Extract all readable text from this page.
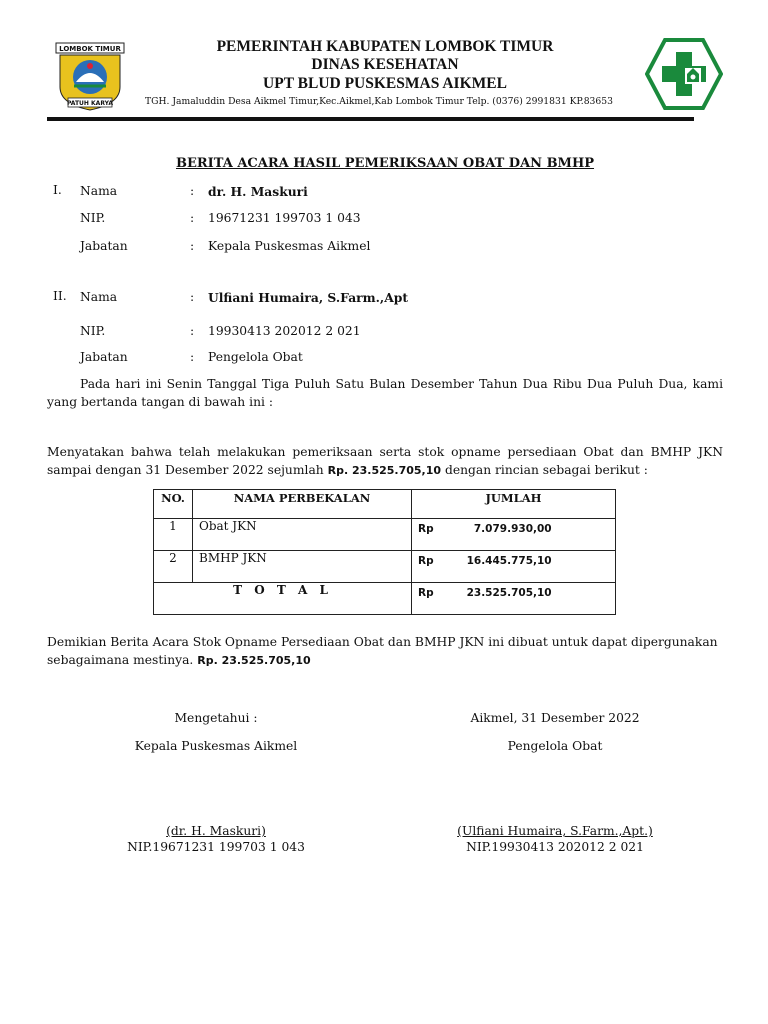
LOMBOK TIMUR
PATUH KARYA
PEMERINTAH KABUPATEN LOMBOK TIMUR
DINAS KESEHATAN
UPT BLUD PUSKESMAS AIKMEL
TGH. Jamaluddin Desa Aikmel Timur,Kec.Aikmel,Kab Lombok Timur Telp. (0376) 2991831 KP.83653
BERITA ACARA HASIL PEMERIKSAAN OBAT DAN BMHP
I. Nama	: dr. H. Maskuri
NIP.	: 19671231 199703 1 043
Jabatan	: Kepala Puskesmas Aikmel
II. Nama	: Ulfiani Humaira, S.Farm.,Apt
NIP.	: 19930413 202012 2 021
Jabatan	: Pengelola Obat
Pada hari ini Senin Tanggal Tiga Puluh Satu Bulan Desember Tahun Dua Ribu Dua Puluh Dua, kami yang bertanda tangan di bawah ini :
Menyatakan bahwa telah melakukan pemeriksaan serta stok opname persediaan Obat dan BMHP JKN sampai dengan 31 Desember 2022 sejumlah Rp. 23.525.705,10 dengan rincian sebagai berikut :
NO.	NAMA PERBEKALAN	JUMLAH
1	Obat JKN	Rp 7.079.930,00
2	BMHP JKN	Rp 16.445.775,10
T O T A L		Rp 23.525.705,10
Demikian Berita Acara Stok Opname Persediaan Obat dan BMHP JKN ini dibuat untuk dapat dipergunakan sebagaimana mestinya. Rp. 23.525.705,10
Mengetahui :
Kepala Puskesmas Aikmel
(dr. H. Maskuri)
NIP.19671231 199703 1 043
Aikmel, 31 Desember 2022
Pengelola Obat
(Ulfiani Humaira, S.Farm.,Apt.)
NIP.19930413 202012 2 021
